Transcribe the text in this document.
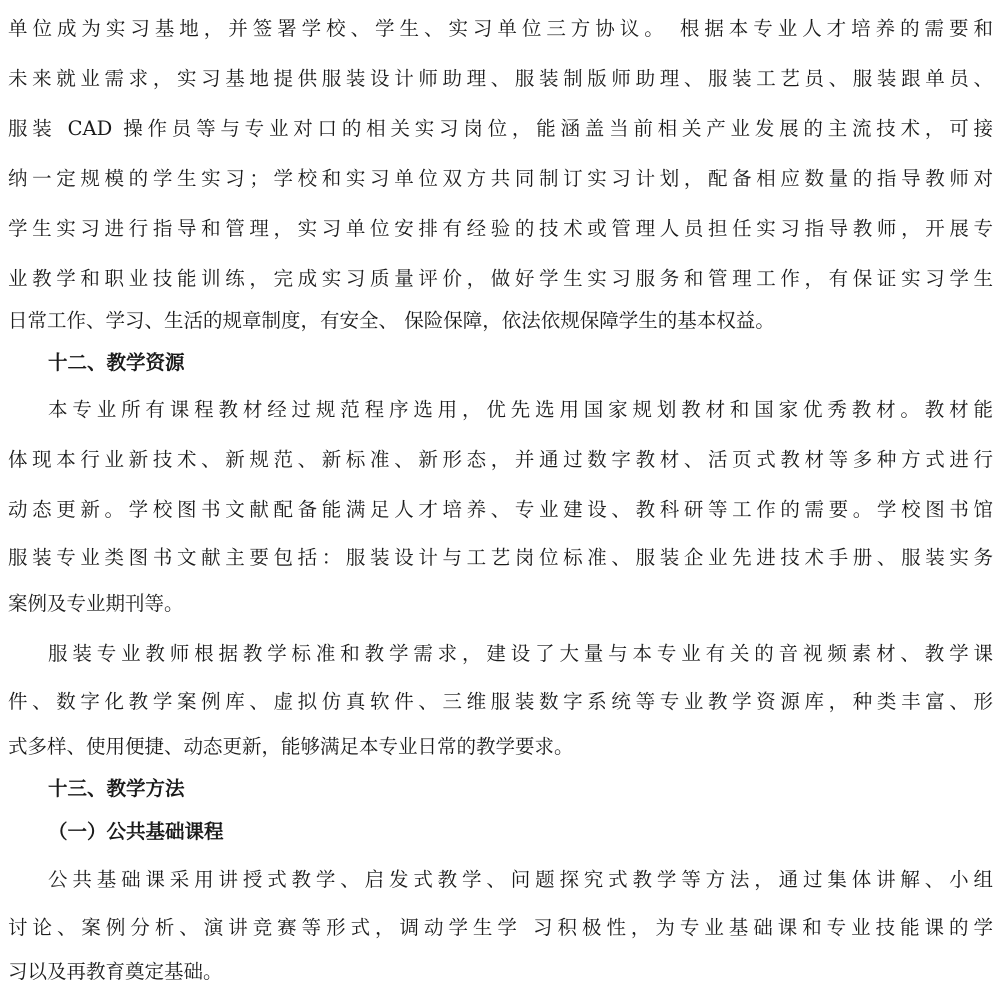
单位成为实习基地，并签署学校、学生、实习单位三方协议。 根据本专业人才培养的需要和
未来就业需求，实习基地提供服装设计师助理、服装制版师助理、服装工艺员、服装跟单员、
服装 CAD 操作员等与专业对口的相关实习岗位，能涵盖当前相关产业发展的主流技术，可接
纳一定规模的学生实习；学校和实习单位双方共同制订实习计划，配备相应数量的指导教师对
学生实习进行指导和管理，实习单位安排有经验的技术或管理人员担任实习指导教师，开展专
业教学和职业技能训练，完成实习质量评价，做好学生实习服务和管理工作，有保证实习学生
日常工作、学习、生活的规章制度，有安全、 保险保障，依法依规保障学生的基本权益。
十二、教学资源
本专业所有课程教材经过规范程序选用，优先选用国家规划教材和国家优秀教材。教材能
体现本行业新技术、新规范、新标准、新形态，并通过数字教材、活页式教材等多种方式进行
动态更新。学校图书文献配备能满足人才培养、专业建设、教科研等工作的需要。学校图书馆
服装专业类图书文献主要包括：服装设计与工艺岗位标准、服装企业先进技术手册、服装实务
案例及专业期刊等。
服装专业教师根据教学标准和教学需求，建设了大量与本专业有关的音视频素材、教学课
件、数字化教学案例库、虚拟仿真软件、三维服装数字系统等专业教学资源库，种类丰富、形
式多样、使用便捷、动态更新，能够满足本专业日常的教学要求。
十三、教学方法
（一）公共基础课程
公共基础课采用讲授式教学、启发式教学、问题探究式教学等方法，通过集体讲解、小组
讨论、案例分析、演讲竞赛等形式，调动学生学 习积极性，为专业基础课和专业技能课的学
习以及再教育奠定基础。
